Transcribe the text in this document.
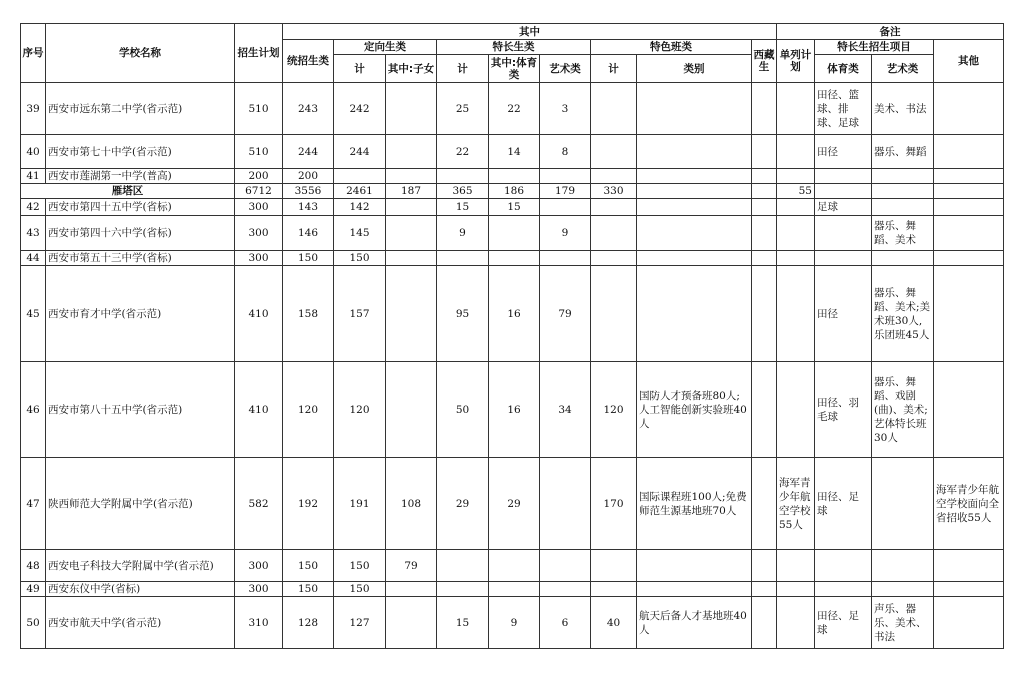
序号	学校名称	招生计划	其中									备注			
			统招生类	定向生类		特长生类			特色班类		西藏生	单列计划	特长生招生项目		其他
				计	其中:子女	计	其中:体育类	艺术类	计	类别			体育类	艺术类	
39	西安市远东第二中学(省示范)	510	243	242		25	22	3					田径、篮球、排球、足球	美术、书法	
40	西安市第七十中学(省示范)	510	244	244		22	14	8					田径	器乐、舞蹈	
41	西安市莲湖第一中学(普高)	200	200												
雁塔区		6712	3556	2461	187	365	186	179	330			55			
42	西安市第四十五中学(省标)	300	143	142		15	15						足球		
43	西安市第四十六中学(省标)	300	146	145		9		9						器乐、舞蹈、美术	
44	西安市第五十三中学(省标)	300	150	150											
45	西安市育才中学(省示范)	410	158	157		95	16	79					田径	器乐、舞蹈、美术;美术班30人,乐团班45人	
46	西安市第八十五中学(省示范)	410	120	120		50	16	34	120	国防人才预备班80人;人工智能创新实验班40人			田径、羽毛球	器乐、舞蹈、戏剧(曲)、美术;艺体特长班30人	
47	陕西师范大学附属中学(省示范)	582	192	191	108	29	29		170	国际课程班100人;免费师范生源基地班70人		海军青少年航空学校55人	田径、足球		海军青少年航空学校面向全省招收55人
48	西安电子科技大学附属中学(省示范)	300	150	150	79										
49	西安东仪中学(省标)	300	150	150											
50	西安市航天中学(省示范)	310	128	127		15	9	6	40	航天后备人才基地班40人			田径、足球	声乐、器乐、美术、书法	
